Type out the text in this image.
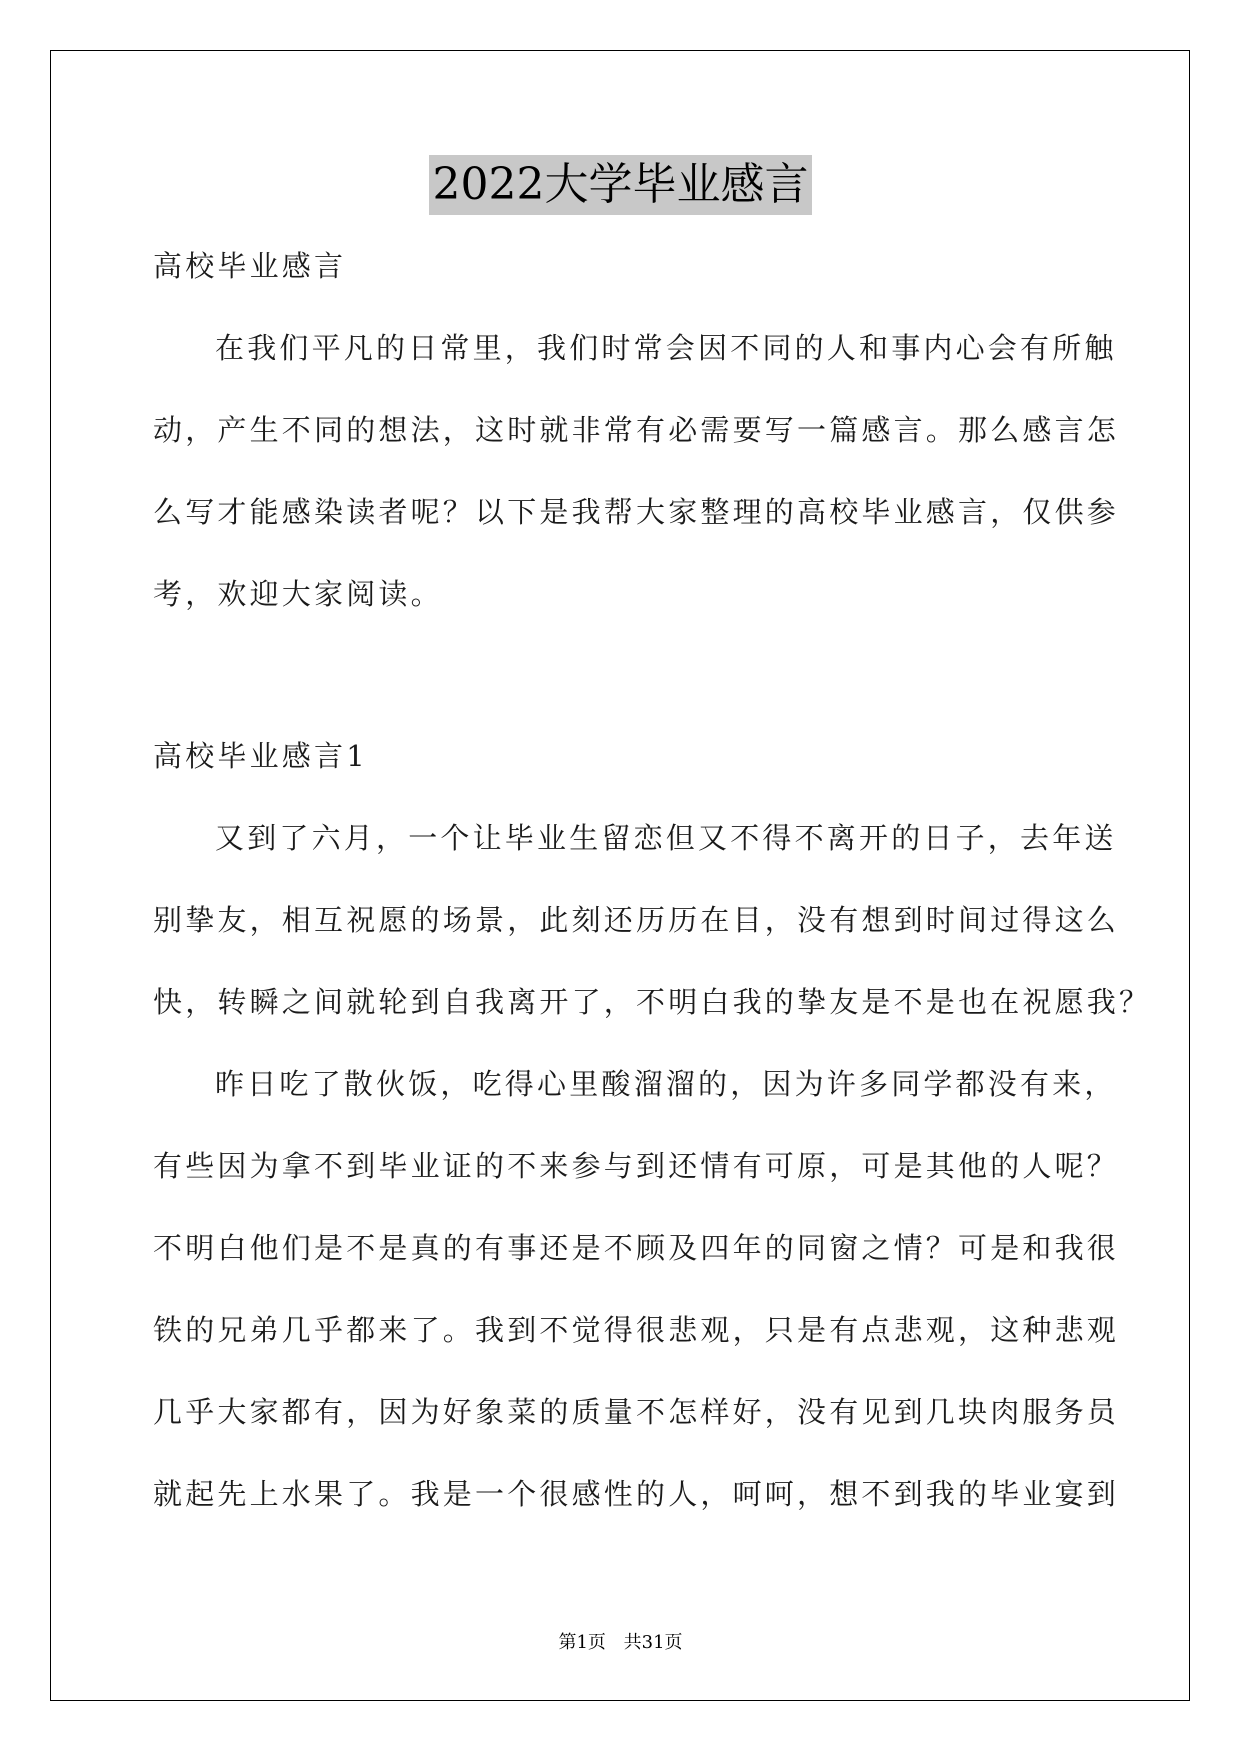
2022大学毕业感言
高校毕业感言
在我们平凡的日常里，我们时常会因不同的人和事内心会有所触
动，产生不同的想法，这时就非常有必需要写一篇感言。那么感言怎
么写才能感染读者呢？以下是我帮大家整理的高校毕业感言，仅供参
考，欢迎大家阅读。
高校毕业感言1
又到了六月，一个让毕业生留恋但又不得不离开的日子，去年送
别挚友，相互祝愿的场景，此刻还历历在目，没有想到时间过得这么
快，转瞬之间就轮到自我离开了，不明白我的挚友是不是也在祝愿我？
昨日吃了散伙饭，吃得心里酸溜溜的，因为许多同学都没有来，
有些因为拿不到毕业证的不来参与到还情有可原，可是其他的人呢？
不明白他们是不是真的有事还是不顾及四年的同窗之情？可是和我很
铁的兄弟几乎都来了。我到不觉得很悲观，只是有点悲观，这种悲观
几乎大家都有，因为好象菜的质量不怎样好，没有见到几块肉服务员
就起先上水果了。我是一个很感性的人，呵呵，想不到我的毕业宴到
第1页 共31页
